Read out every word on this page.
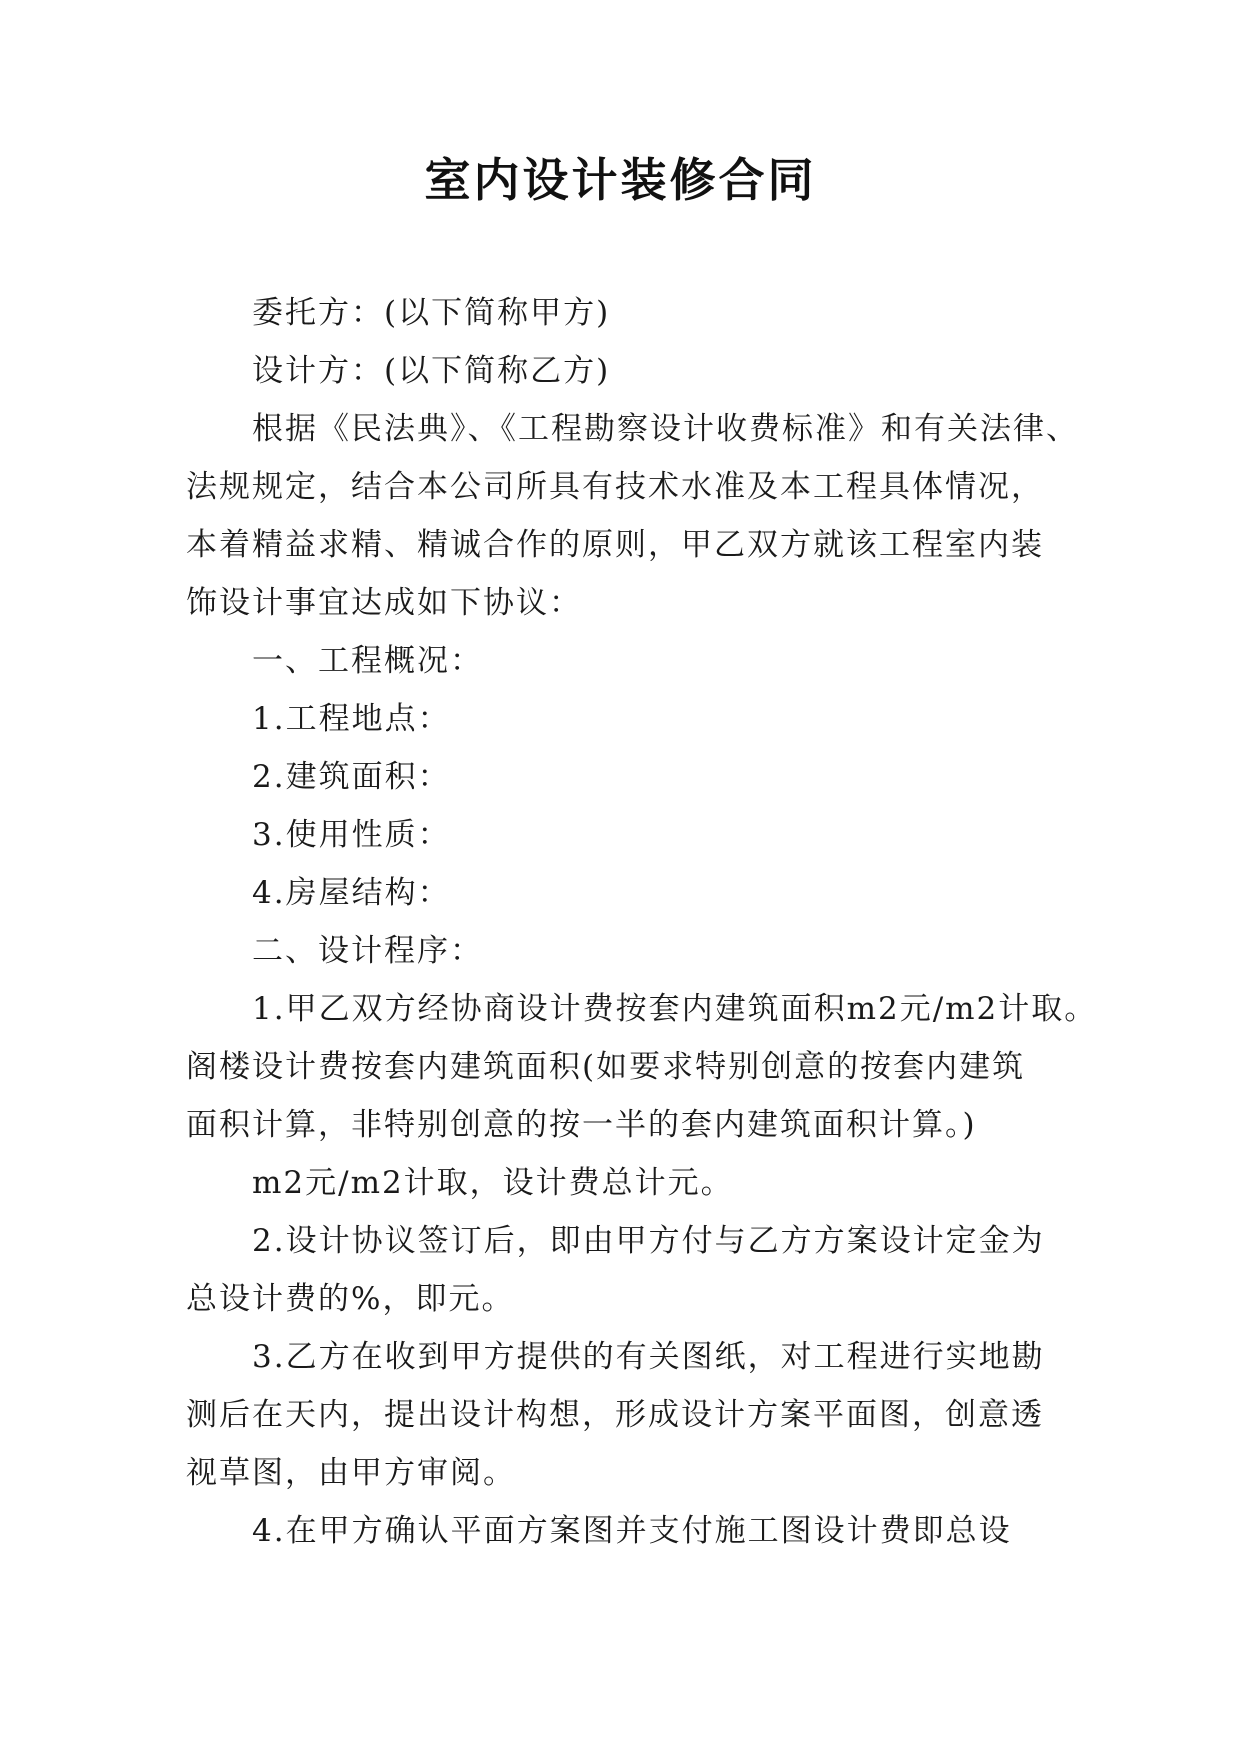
室内设计装修合同
委托方：(以下简称甲方)
设计方：(以下简称乙方)
根据《民法典》、《工程勘察设计收费标准》和有关法律、
法规规定，结合本公司所具有技术水准及本工程具体情况，
本着精益求精、精诚合作的原则，甲乙双方就该工程室内装
饰设计事宜达成如下协议：
一、工程概况：
1.工程地点：
2.建筑面积：
3.使用性质：
4.房屋结构：
二、设计程序：
1.甲乙双方经协商设计费按套内建筑面积m2元/m2计取。
阁楼设计费按套内建筑面积(如要求特别创意的按套内建筑
面积计算，非特别创意的按一半的套内建筑面积计算。)
m2元/m2计取，设计费总计元。
2.设计协议签订后，即由甲方付与乙方方案设计定金为
总设计费的%，即元。
3.乙方在收到甲方提供的有关图纸，对工程进行实地勘
测后在天内，提出设计构想，形成设计方案平面图，创意透
视草图，由甲方审阅。
4.在甲方确认平面方案图并支付施工图设计费即总设
